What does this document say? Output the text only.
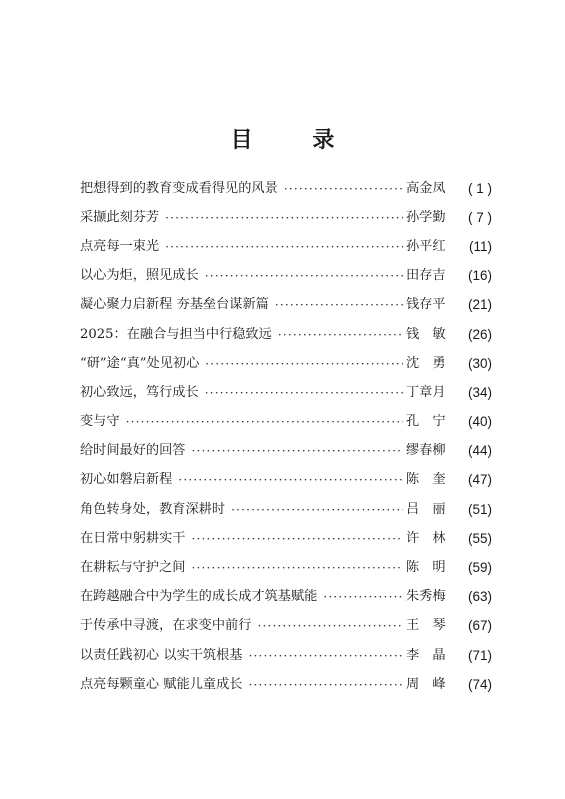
目 录
把想得到的教育变成看得见的风景 ·····	高金凤	( 1 )
采撷此刻芬芳 ·····	孙学勤	( 7 )
点亮每一束光 ·····	孙平红	(11)
以心为炬，照见成长 ·····	田存吉	(16)
凝心聚力启新程 夯基垒台谋新篇 ·····	钱存平	(21)
2025：在融合与担当中行稳致远 ·····	钱　敏	(26)
“研”途“真”处见初心 ·····	沈　勇	(30)
初心致远，笃行成长 ·····	丁章月	(34)
变与守 ·····	孔　宁	(40)
给时间最好的回答 ·····	缪春柳	(44)
初心如磐启新程 ·····	陈　奎	(47)
角色转身处，教育深耕时 ·····	吕　丽	(51)
在日常中躬耕实干 ·····	许　林	(55)
在耕耘与守护之间 ·····	陈　明	(59)
在跨越融合中为学生的成长成才筑基赋能 ·····	朱秀梅	(63)
于传承中寻渡，在求变中前行 ·····	王　琴	(67)
以责任践初心 以实干筑根基 ·····	李　晶	(71)
点亮每颗童心 赋能儿童成长 ·····	周　峰	(74)
